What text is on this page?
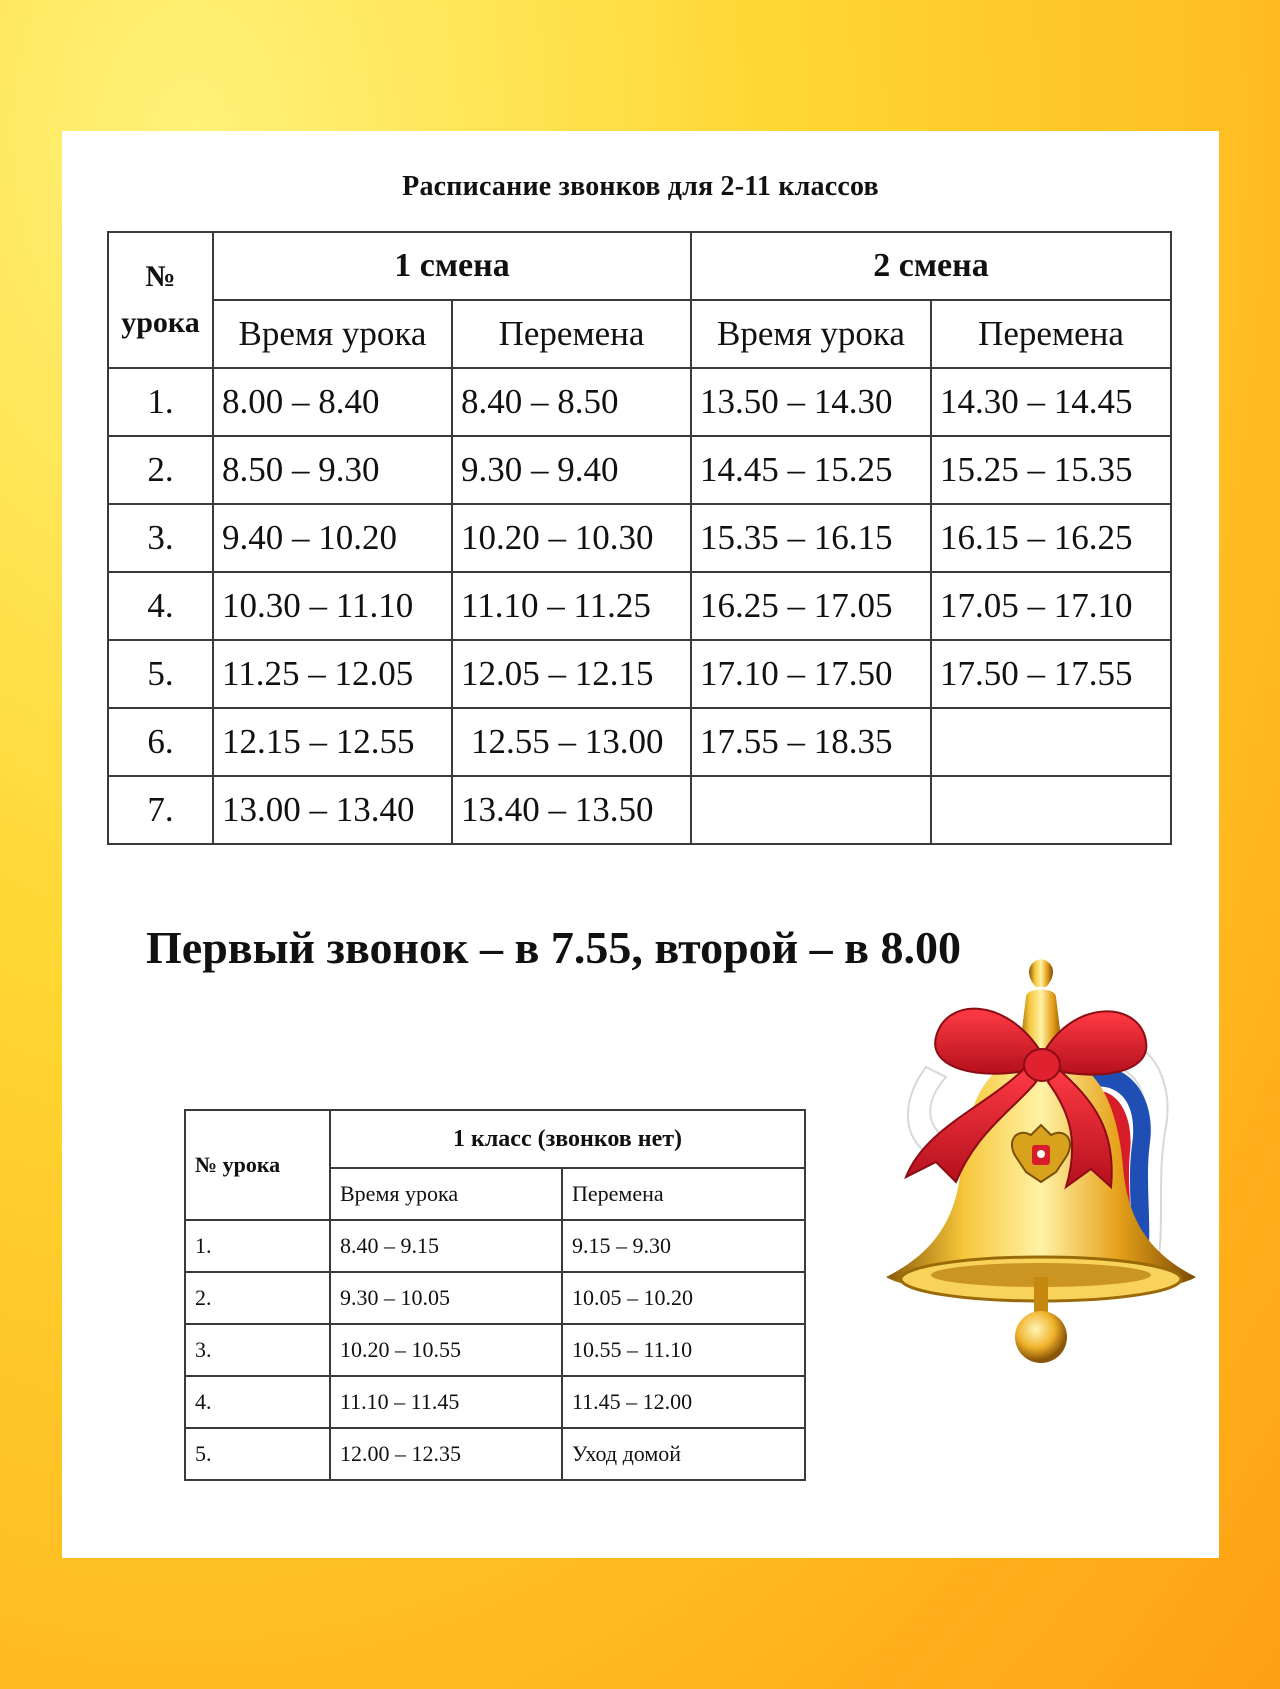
Расписание звонков для 2-11 классов
№
урока	1 смена		2 смена	
	Время урока	Перемена	Время урока	Перемена
1.	8.00 – 8.40	8.40 – 8.50	13.50 – 14.30	14.30 – 14.45
2.	8.50 – 9.30	9.30 – 9.40	14.45 – 15.25	15.25 – 15.35
3.	9.40 – 10.20	10.20 – 10.30	15.35 – 16.15	16.15 – 16.25
4.	10.30 – 11.10	11.10 – 11.25	16.25 – 17.05	17.05 – 17.10
5.	11.25 – 12.05	12.05 – 12.15	17.10 – 17.50	17.50 – 17.55
6.	12.15 – 12.55	12.55 – 13.00	17.55 – 18.35	
7.	13.00 – 13.40	13.40 – 13.50		
Первый звонок – в 7.55, второй – в 8.00
№ урока	1 класс (звонков нет)	
	Время урока	Перемена
1.	8.40 – 9.15	9.15 – 9.30
2.	9.30 – 10.05	10.05 – 10.20
3.	10.20 – 10.55	10.55 – 11.10
4.	11.10 – 11.45	11.45 – 12.00
5.	12.00 – 12.35	Уход домой
